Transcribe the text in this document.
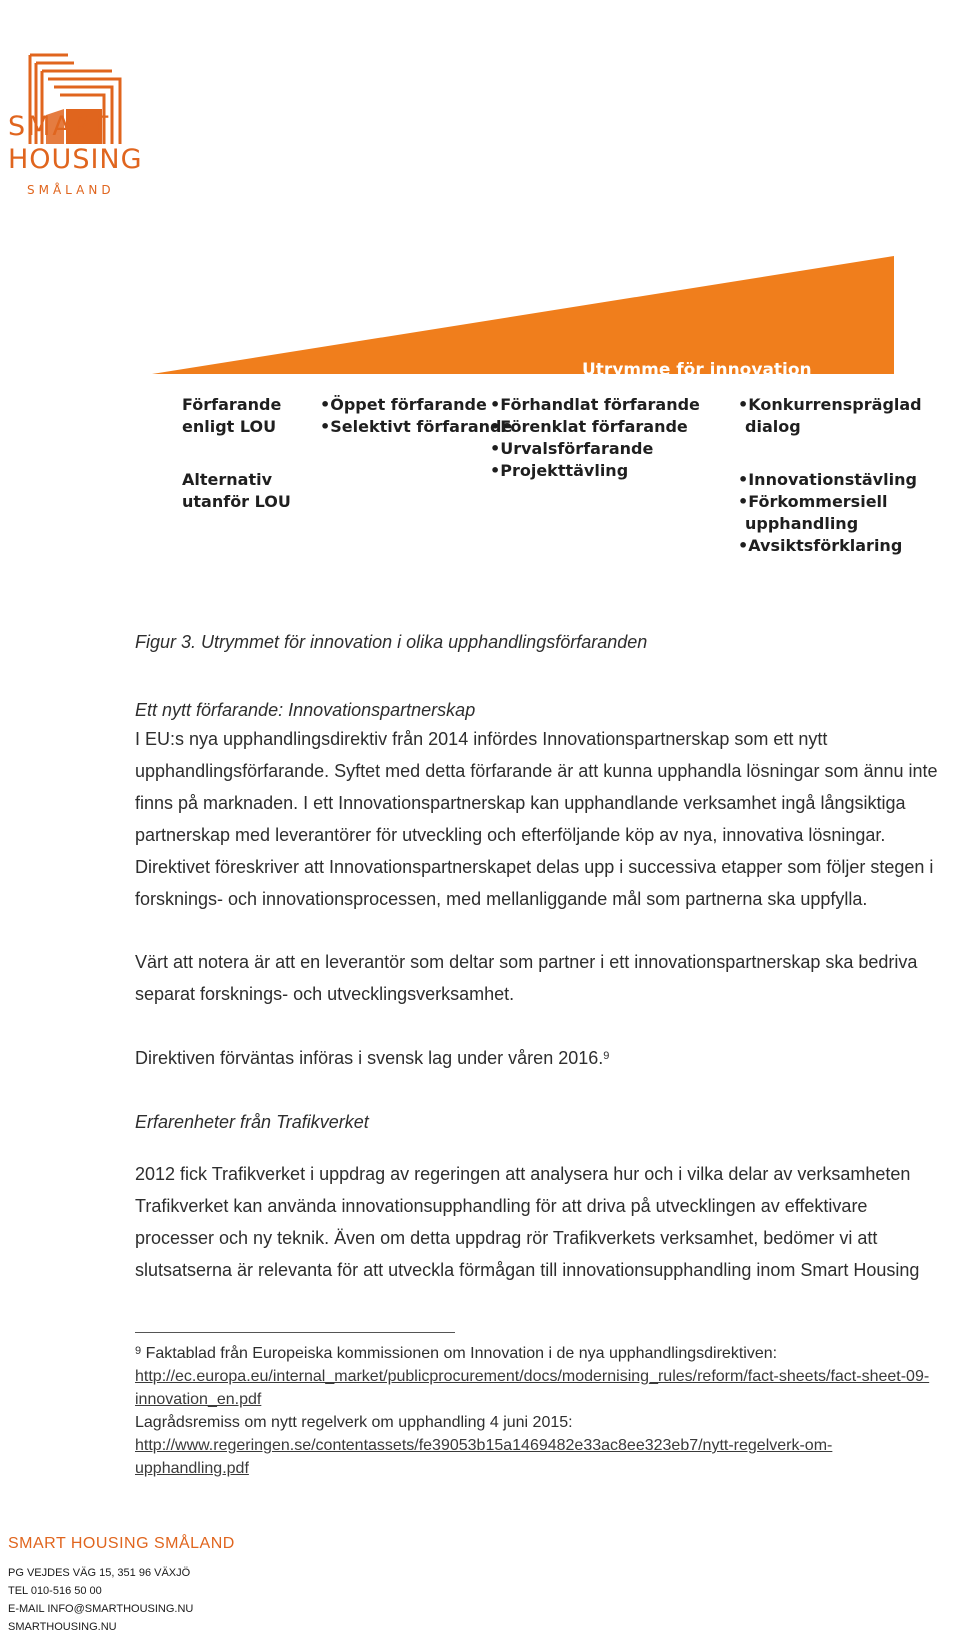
SMART
HOUSING
SMÅLAND
Utrymme för innovation
Förfarande
enligt LOU
•Öppet förfarande
•Selektivt förfarande
•Förhandlat förfarande
•Förenklat förfarande
•Urvalsförfarande
•Projekttävling
•Konkurrenspräglad
dialog
Alternativ
utanför LOU
•Innovationstävling
•Förkommersiell
upphandling
•Avsiktsförklaring
Figur 3. Utrymmet för innovation i olika upphandlingsförfaranden
Ett nytt förfarande: Innovationspartnerskap
I EU:s nya upphandlingsdirektiv från 2014 infördes Innovationspartnerskap som ett nytt
upphandlingsförfarande. Syftet med detta förfarande är att kunna upphandla lösningar som ännu inte
finns på marknaden. I ett Innovationspartnerskap kan upphandlande verksamhet ingå långsiktiga
partnerskap med leverantörer för utveckling och efterföljande köp av nya, innovativa lösningar.
Direktivet föreskriver att Innovationspartnerskapet delas upp i successiva etapper som följer stegen i
forsknings- och innovationsprocessen, med mellanliggande mål som partnerna ska uppfylla.
Värt att notera är att en leverantör som deltar som partner i ett innovationspartnerskap ska bedriva
separat forsknings- och utvecklingsverksamhet.
Direktiven förväntas införas i svensk lag under våren 2016.$^9$
Erfarenheter från Trafikverket
2012 fick Trafikverket i uppdrag av regeringen att analysera hur och i vilka delar av verksamheten
Trafikverket kan använda innovationsupphandling för att driva på utvecklingen av effektivare
processer och ny teknik. Även om detta uppdrag rör Trafikverkets verksamhet, bedömer vi att
slutsatserna är relevanta för att utveckla förmågan till innovationsupphandling inom Smart Housing
$^9$ Faktablad från Europeiska kommissionen om Innovation i de nya upphandlingsdirektiven:
http://ec.europa.eu/internal_market/publicprocurement/docs/modernising_rules/reform/fact-sheets/fact-sheet-09-
innovation_en.pdf
Lagrådsremiss om nytt regelverk om upphandling 4 juni 2015:
http://www.regeringen.se/contentassets/fe39053b15a1469482e33ac8ee323eb7/nytt-regelverk-om-
upphandling.pdf
SMART HOUSING SMÅLAND
PG VEJDES VÄG 15, 351 96 VÄXJÖ
TEL 010-516 50 00
E-MAIL INFO@SMARTHOUSING.NU
SMARTHOUSING.NU
